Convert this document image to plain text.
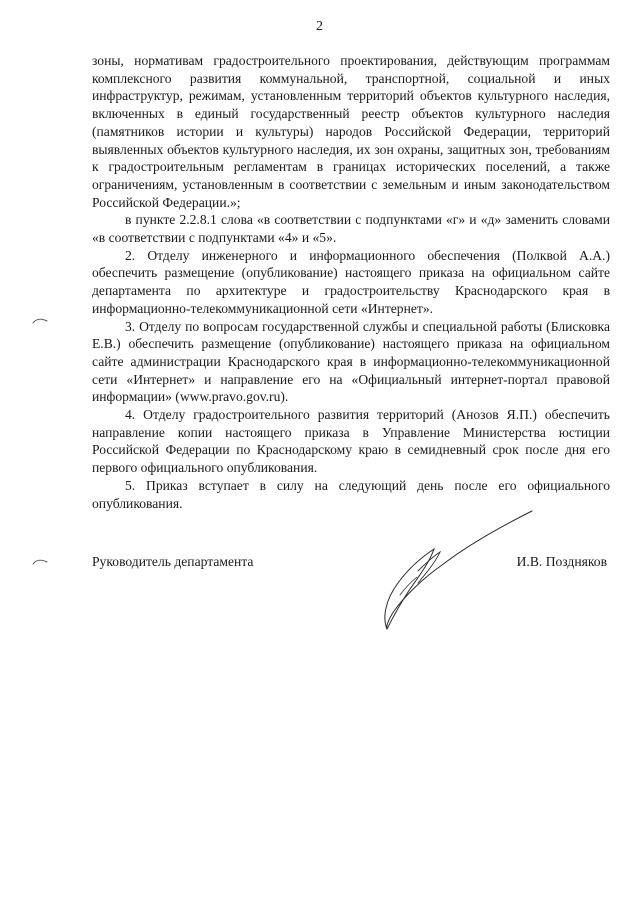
2

зоны, нормативам градостроительного проектирования, действующим программам комплексного развития коммунальной, транспортной, социальной и иных инфраструктур, режимам, установленным территорий объектов культурного наследия, включенных в единый государственный реестр объектов культурного наследия (памятников истории и культуры) народов Российской Федерации, территорий выявленных объектов культурного наследия, их зон охраны, защитных зон, требованиям к градостроительным регламентам в границах исторических поселений, а также ограничениям, установленным в соответствии с земельным и иным законодательством Российской Федерации.»;

в пункте 2.2.8.1 слова «в соответствии с подпунктами «г» и «д» заменить словами «в соответствии с подпунктами «4» и «5».

2. Отделу инженерного и информационного обеспечения (Полквой А.А.) обеспечить размещение (опубликование) настоящего приказа на официальном сайте департамента по архитектуре и градостроительству Краснодарского края в информационно-телекоммуникационной сети «Интернет».

3. Отделу по вопросам государственной службы и специальной работы (Блисковка Е.В.) обеспечить размещение (опубликование) настоящего приказа на официальном сайте администрации Краснодарского края в информационно-телекоммуникационной сети «Интернет» и направление его на «Официальный интернет-портал правовой информации» (www.pravo.gov.ru).

4. Отделу градостроительного развития территорий (Анозов Я.П.) обеспечить направление копии настоящего приказа в Управление Министерства юстиции Российской Федерации по Краснодарскому краю в семидневный срок после дня его первого официального опубликования.

5. Приказ вступает в силу на следующий день после его официального опубликования.

Руководитель департамента	И.В. Поздняков
